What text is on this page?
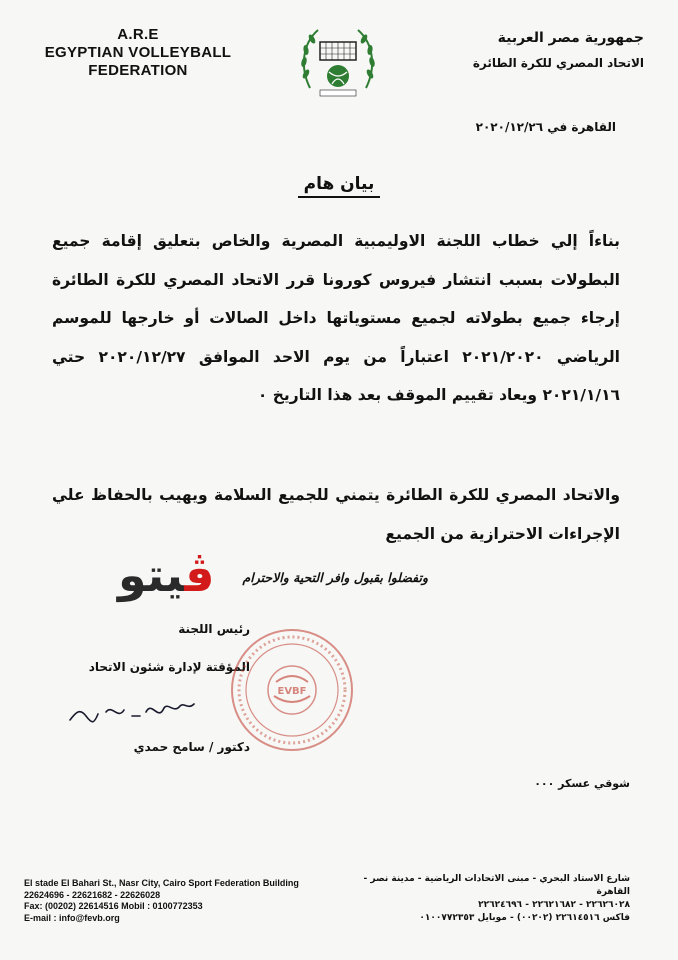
A.R.E
EGYPTIAN VOLLEYBALL
FEDERATION
جمهورية مصر العربية
الاتحاد المصري للكرة الطائرة
القاهرة في ٢٠٢٠/١٢/٢٦
بيان هام
بناءاً إلي خطاب اللجنة الاوليمبية المصرية والخاص بتعليق إقامة جميع البطولات بسبب انتشار فيروس كورونا قرر الاتحاد المصري للكرة الطائرة إرجاء جميع بطولاته لجميع مستوياتها داخل الصالات أو خارجها للموسم الرياضي ٢٠٢١/٢٠٢٠ اعتباراً من يوم الاحد الموافق ٢٠٢٠/١٢/٢٧ حتي ٢٠٢١/١/١٦ ويعاد تقييم الموقف بعد هذا التاريخ ٠
والاتحاد المصري للكرة الطائرة يتمني للجميع السلامة ويهيب بالحفاظ علي الإجراءات الاحترازية من الجميع
وتفضلوا بقبول وافر التحية والاحترام
ڤيتو
رئيس اللجنة
المؤقتة لإدارة شئون الاتحاد
دكتور / سامح حمدي
EVBF
شوقي عسكر ٠٠٠
El stade El Bahari St., Nasr City, Cairo Sport Federation Building
22624696 - 22621682 - 22626028
Fax: (00202) 22614516 Mobil : 0100772353
E-mail : info@fevb.org
شارع الاستاد البحري - مبنى الاتحادات الرياضية - مدينة نصر - القاهرة
٢٢٦٢٦٠٢٨ - ٢٢٦٢١٦٨٢ - ٢٢٦٢٤٦٩٦
فاكس ٢٢٦١٤٥١٦ (٠٠٢٠٢) - موبايل ٠١٠٠٧٧٢٣٥٣
